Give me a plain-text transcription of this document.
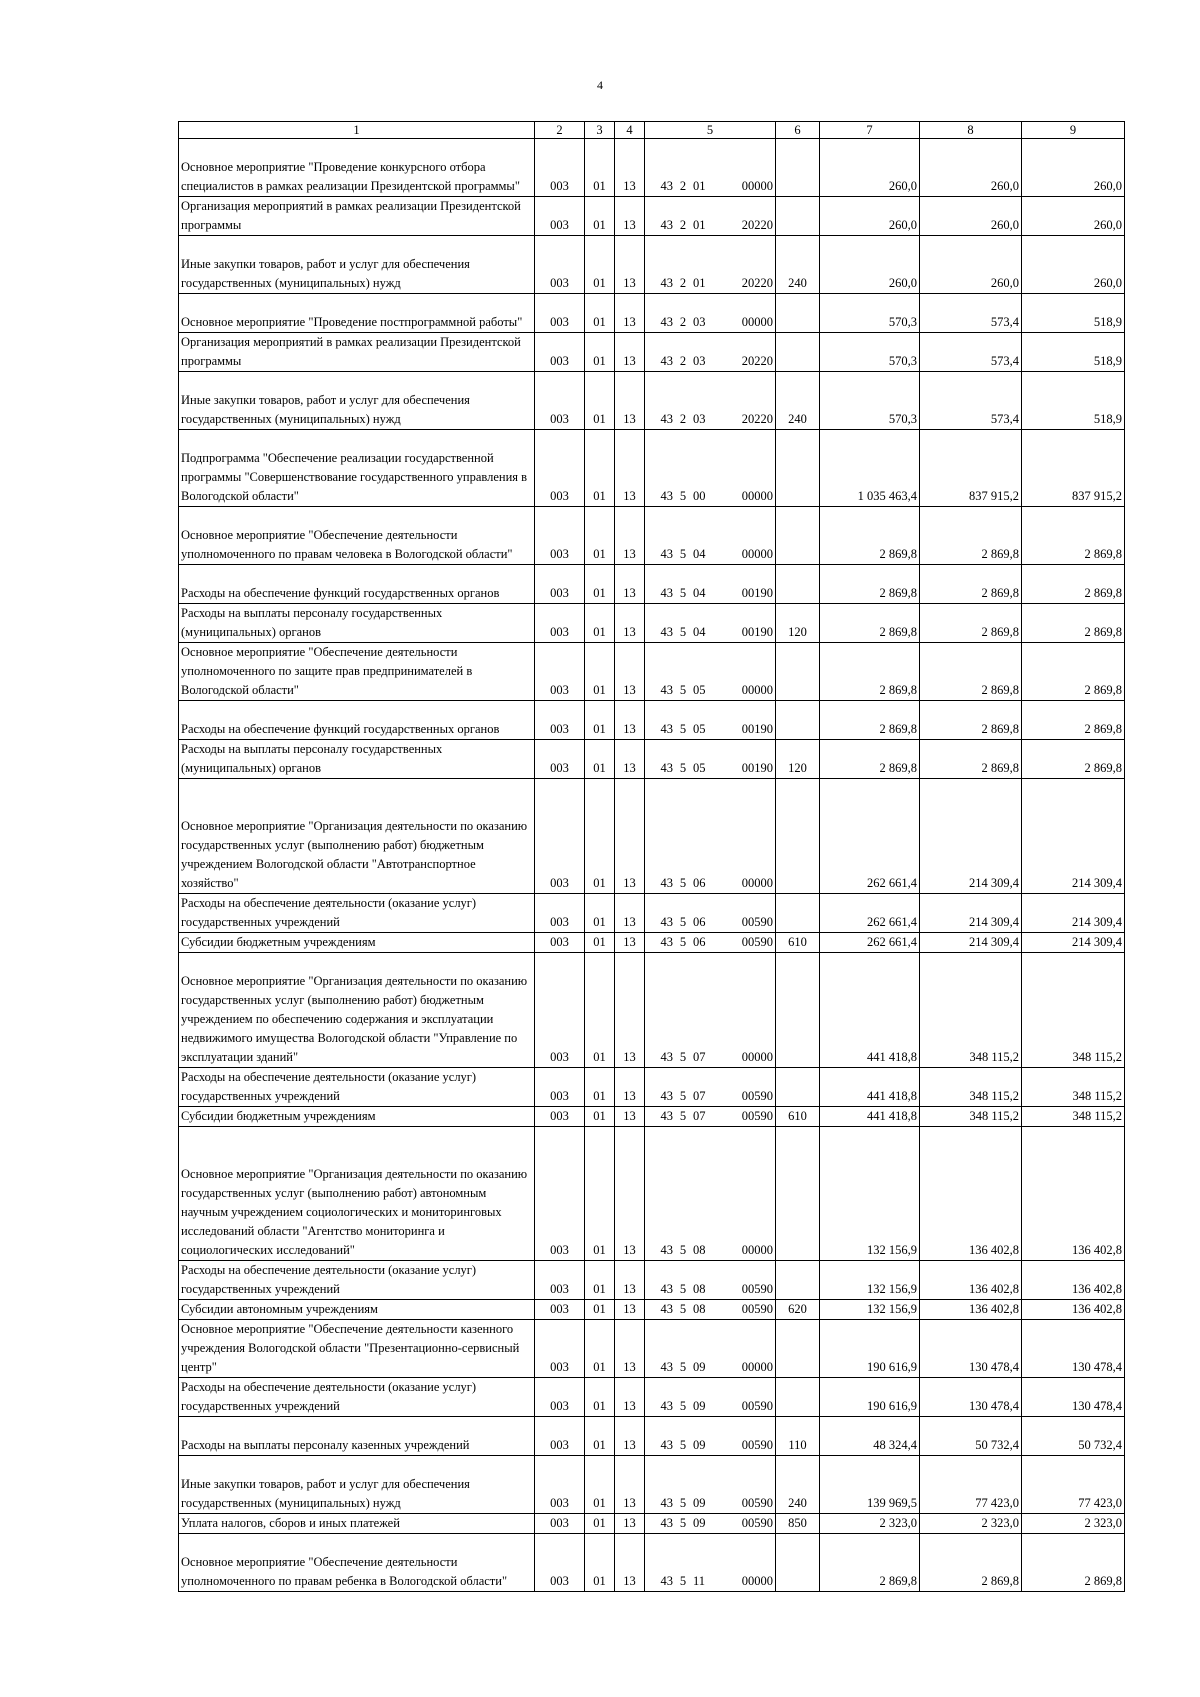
4
1	2	3	4	5	6	7	8	9
Основное мероприятие "Проведение конкурсного отбора специалистов в рамках реализации Президентской программы"	003	01	13	43 2 01 00000		260,0	260,0	260,0
Организация мероприятий в рамках реализации Президентской программы	003	01	13	43 2 01 20220		260,0	260,0	260,0
Иные закупки товаров, работ и услуг для обеспечения государственных (муниципальных) нужд	003	01	13	43 2 01 20220	240	260,0	260,0	260,0
Основное мероприятие "Проведение постпрограммной работы"	003	01	13	43 2 03 00000		570,3	573,4	518,9
Организация мероприятий в рамках реализации Президентской программы	003	01	13	43 2 03 20220		570,3	573,4	518,9
Иные закупки товаров, работ и услуг для обеспечения государственных (муниципальных) нужд	003	01	13	43 2 03 20220	240	570,3	573,4	518,9
Подпрограмма "Обеспечение реализации государственной программы "Совершенствование государственного управления в Вологодской области"	003	01	13	43 5 00 00000		1 035 463,4	837 915,2	837 915,2
Основное мероприятие "Обеспечение деятельности уполномоченного по правам человека в Вологодской области"	003	01	13	43 5 04 00000		2 869,8	2 869,8	2 869,8
Расходы на обеспечение функций государственных органов	003	01	13	43 5 04 00190		2 869,8	2 869,8	2 869,8
Расходы на выплаты персоналу государственных (муниципальных) органов	003	01	13	43 5 04 00190	120	2 869,8	2 869,8	2 869,8
Основное мероприятие "Обеспечение деятельности уполномоченного по защите прав предпринимателей в Вологодской области"	003	01	13	43 5 05 00000		2 869,8	2 869,8	2 869,8
Расходы на обеспечение функций государственных органов	003	01	13	43 5 05 00190		2 869,8	2 869,8	2 869,8
Расходы на выплаты персоналу государственных (муниципальных) органов	003	01	13	43 5 05 00190	120	2 869,8	2 869,8	2 869,8
Основное мероприятие "Организация деятельности по оказанию государственных услуг (выполнению работ) бюджетным учреждением Вологодской области "Автотранспортное хозяйство"	003	01	13	43 5 06 00000		262 661,4	214 309,4	214 309,4
Расходы на обеспечение деятельности (оказание услуг) государственных учреждений	003	01	13	43 5 06 00590		262 661,4	214 309,4	214 309,4
Субсидии бюджетным учреждениям	003	01	13	43 5 06 00590	610	262 661,4	214 309,4	214 309,4
Основное мероприятие "Организация деятельности по оказанию государственных услуг (выполнению работ) бюджетным учреждением по обеспечению содержания и эксплуатации недвижимого имущества Вологодской области "Управление по эксплуатации зданий"	003	01	13	43 5 07 00000		441 418,8	348 115,2	348 115,2
Расходы на обеспечение деятельности (оказание услуг) государственных учреждений	003	01	13	43 5 07 00590		441 418,8	348 115,2	348 115,2
Субсидии бюджетным учреждениям	003	01	13	43 5 07 00590	610	441 418,8	348 115,2	348 115,2
Основное мероприятие "Организация деятельности по оказанию государственных услуг (выполнению работ) автономным научным учреждением социологических и мониторинговых исследований области "Агентство мониторинга и социологических исследований"	003	01	13	43 5 08 00000		132 156,9	136 402,8	136 402,8
Расходы на обеспечение деятельности (оказание услуг) государственных учреждений	003	01	13	43 5 08 00590		132 156,9	136 402,8	136 402,8
Субсидии автономным учреждениям	003	01	13	43 5 08 00590	620	132 156,9	136 402,8	136 402,8
Основное мероприятие "Обеспечение деятельности казенного учреждения Вологодской области "Презентационно-сервисный центр"	003	01	13	43 5 09 00000		190 616,9	130 478,4	130 478,4
Расходы на обеспечение деятельности (оказание услуг) государственных учреждений	003	01	13	43 5 09 00590		190 616,9	130 478,4	130 478,4
Расходы на выплаты персоналу казенных учреждений	003	01	13	43 5 09 00590	110	48 324,4	50 732,4	50 732,4
Иные закупки товаров, работ и услуг для обеспечения государственных (муниципальных) нужд	003	01	13	43 5 09 00590	240	139 969,5	77 423,0	77 423,0
Уплата налогов, сборов и иных платежей	003	01	13	43 5 09 00590	850	2 323,0	2 323,0	2 323,0
Основное мероприятие "Обеспечение деятельности уполномоченного по правам ребенка в Вологодской области"	003	01	13	43 5 11 00000		2 869,8	2 869,8	2 869,8
